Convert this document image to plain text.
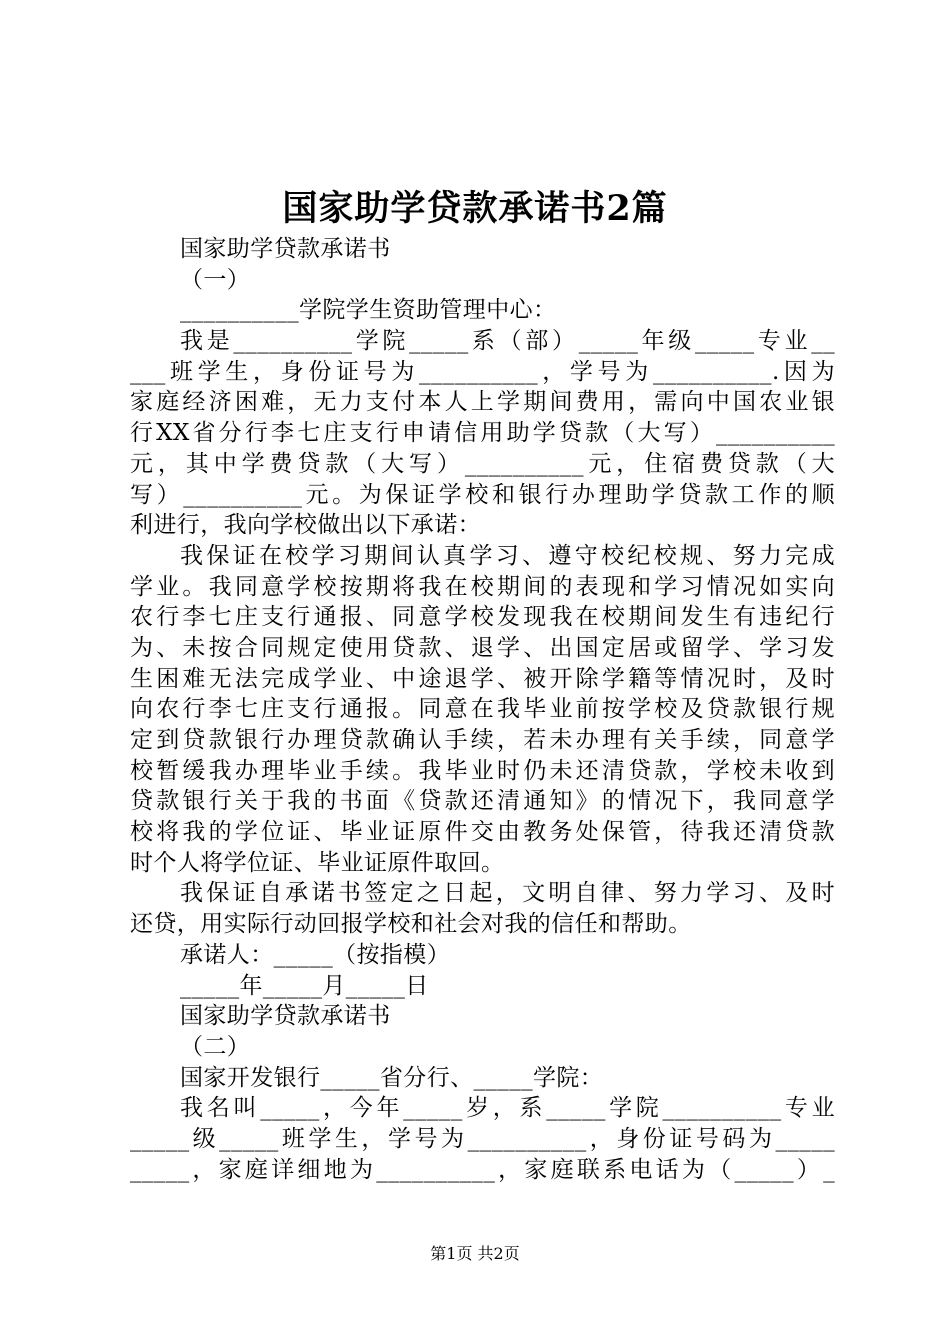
国家助学贷款承诺书2篇
国家助学贷款承诺书
（一）
__________学院学生资助管理中心：
我是__________学院_____系（部）_____年级_____专业__
___班学生，身份证号为__________，学号为__________.因为
家庭经济困难，无力支付本人上学期间费用，需向中国农业银
行XX省分行李七庄支行申请信用助学贷款（大写）__________
元，其中学费贷款（大写）__________元，住宿费贷款（大
写）__________元。为保证学校和银行办理助学贷款工作的顺
利进行，我向学校做出以下承诺：
我保证在校学习期间认真学习、遵守校纪校规、努力完成
学业。我同意学校按期将我在校期间的表现和学习情况如实向
农行李七庄支行通报、同意学校发现我在校期间发生有违纪行
为、未按合同规定使用贷款、退学、出国定居或留学、学习发
生困难无法完成学业、中途退学、被开除学籍等情况时，及时
向农行李七庄支行通报。同意在我毕业前按学校及贷款银行规
定到贷款银行办理贷款确认手续，若未办理有关手续，同意学
校暂缓我办理毕业手续。我毕业时仍未还清贷款，学校未收到
贷款银行关于我的书面《贷款还清通知》的情况下，我同意学
校将我的学位证、毕业证原件交由教务处保管，待我还清贷款
时个人将学位证、毕业证原件取回。
我保证自承诺书签定之日起，文明自律、努力学习、及时
还贷，用实际行动回报学校和社会对我的信任和帮助。
承诺人：_____（按指模）
_____年_____月_____日
国家助学贷款承诺书
（二）
国家开发银行_____省分行、_____学院：
我名叫_____，今年_____岁，系_____学院__________专业
_____级_____班学生，学号为__________，身份证号码为_____
_____，家庭详细地为__________，家庭联系电话为（_____）_
第1页 共2页
